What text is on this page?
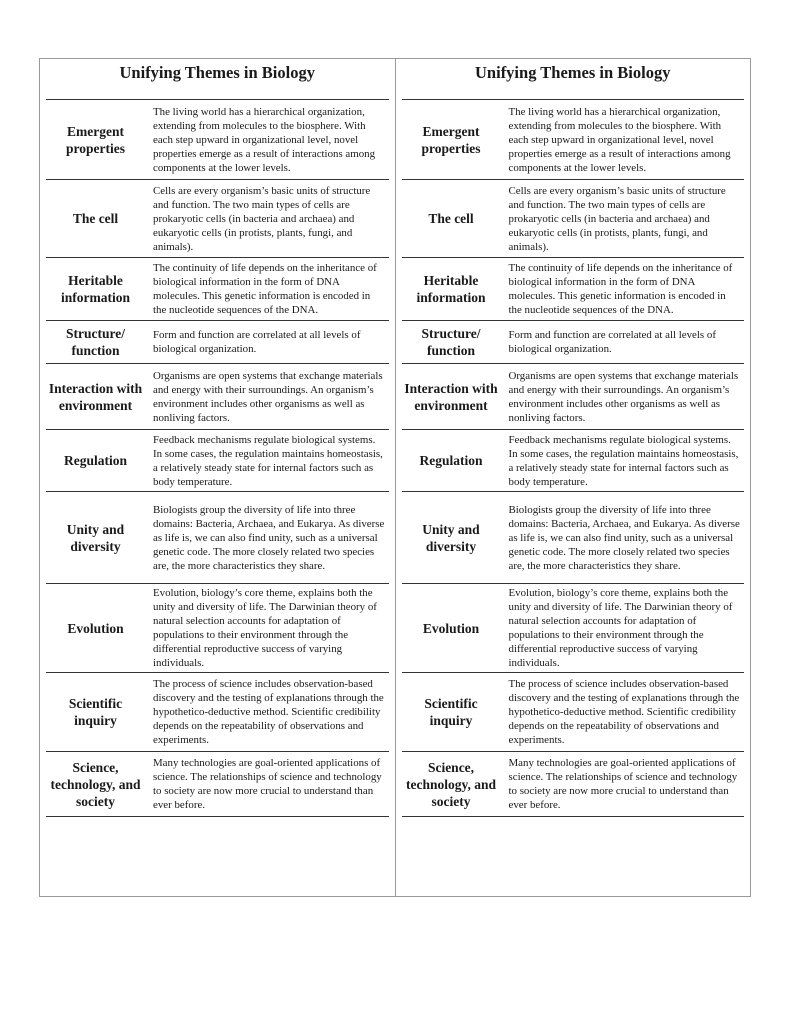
Unifying Themes in Biology
Emergent properties
The living world has a hierarchical organization, extending from molecules to the biosphere. With each step upward in organizational level, novel properties emerge as a result of interactions among components at the lower levels.
The cell
Cells are every organism’s basic units of structure and function. The two main types of cells are prokaryotic cells (in bacteria and archaea) and eukaryotic cells (in protists, plants, fungi, and animals).
Heritable information
The continuity of life depends on the inheritance of biological information in the form of DNA molecules. This genetic information is encoded in the nucleotide sequences of the DNA.
Structure/ function
Form and function are correlated at all levels of biological organization.
Interaction with environment
Organisms are open systems that exchange materials and energy with their surroundings. An organism’s environment includes other organisms as well as nonliving factors.
Regulation
Feedback mechanisms regulate biological systems. In some cases, the regulation maintains homeostasis, a relatively steady state for internal factors such as body temperature.
Unity and diversity
Biologists group the diversity of life into three domains: Bacteria, Archaea, and Eukarya. As diverse as life is, we can also find unity, such as a universal genetic code. The more closely related two species are, the more characteristics they share.
Evolution
Evolution, biology’s core theme, explains both the unity and diversity of life. The Darwinian theory of natural selection accounts for adaptation of populations to their environment through the differential reproductive success of varying individuals.
Scientific inquiry
The process of science includes observation-based discovery and the testing of explanations through the hypothetico-deductive method. Scientific credibility depends on the repeatability of observations and experiments.
Science, technology, and society
Many technologies are goal-oriented applications of science. The relationships of science and technology to society are now more crucial to understand than ever before.
Unifying Themes in Biology
Emergent properties
The living world has a hierarchical organization, extending from molecules to the biosphere. With each step upward in organizational level, novel properties emerge as a result of interactions among components at the lower levels.
The cell
Cells are every organism’s basic units of structure and function. The two main types of cells are prokaryotic cells (in bacteria and archaea) and eukaryotic cells (in protists, plants, fungi, and animals).
Heritable information
The continuity of life depends on the inheritance of biological information in the form of DNA molecules. This genetic information is encoded in the nucleotide sequences of the DNA.
Structure/ function
Form and function are correlated at all levels of biological organization.
Interaction with environment
Organisms are open systems that exchange materials and energy with their surroundings. An organism’s environment includes other organisms as well as nonliving factors.
Regulation
Feedback mechanisms regulate biological systems. In some cases, the regulation maintains homeostasis, a relatively steady state for internal factors such as body temperature.
Unity and diversity
Biologists group the diversity of life into three domains: Bacteria, Archaea, and Eukarya. As diverse as life is, we can also find unity, such as a universal genetic code. The more closely related two species are, the more characteristics they share.
Evolution
Evolution, biology’s core theme, explains both the unity and diversity of life. The Darwinian theory of natural selection accounts for adaptation of populations to their environment through the differential reproductive success of varying individuals.
Scientific inquiry
The process of science includes observation-based discovery and the testing of explanations through the hypothetico-deductive method. Scientific credibility depends on the repeatability of observations and experiments.
Science, technology, and society
Many technologies are goal-oriented applications of science. The relationships of science and technology to society are now more crucial to understand than ever before.
